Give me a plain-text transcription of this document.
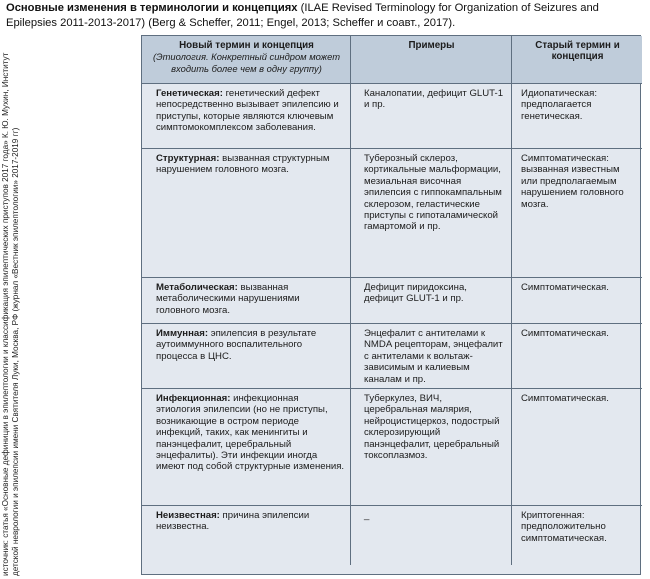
Основные изменения в терминологии и концепциях (ILAE Revised Terminology for Organization of Seizures and Epilepsies 2011-2013-2017) (Berg & Scheffer, 2011; Engel, 2013; Scheffer и соавт., 2017).
источник: статья «Основные дефиниции в эпилептологии и классификация эпилептических приступов 2017 года» К. Ю. Мухин, Институт детской неврологии и эпилепсии имени Святителя Луки, Москва, РФ (журнал «Вестник эпилептологии» 2017-2019 гг)
Новый термин и концепция
(Этиология. Конкретный синдром может входить более чем в одну группу)
Примеры	Старый термин и концепция
Генетическая: генетический дефект непосредственно вызывает эпилепсию и приступы, которые являются ключевым симптомокомплексом заболевания.
Каналопатии, дефицит GLUT-1 и пр.
Идиопатическая: предполагается генетическая.
Структурная: вызванная структурным нарушением головного мозга.
Туберозный склероз, кортикальные мальформации, мезиальная височная эпилепсия с гиппокампальным склерозом, геластические приступы с гипоталамической гамартомой и пр.
Симптоматическая: вызванная известным или предполагаемым нарушением головного мозга.
Метаболическая: вызванная метаболическими нарушениями головного мозга.
Дефицит пиридоксина, дефицит GLUT-1 и пр.
Симптоматическая.
Иммунная: эпилепсия в результате аутоиммунного воспалительного процесса в ЦНС.
Энцефалит с антителами к NMDA рецепторам, энцефалит с антителами к вольтаж-зависимым и калиевым каналам и пр.
Симптоматическая.
Инфекционная: инфекционная этиология эпилепсии (но не приступы, возникающие в остром периоде инфекций, таких, как менингиты и панэнцефалит, церебральный энцефалиты). Эти инфекции иногда имеют под собой структурные изменения.
Туберкулез, ВИЧ, церебральная малярия, нейроцистицеркоз, подострый склерозирующий панэнцефалит, церебральный токсоплазмоз.
Симптоматическая.
Неизвестная: причина эпилепсии неизвестна.
_	Криптогенная: предположительно симптоматическая.
